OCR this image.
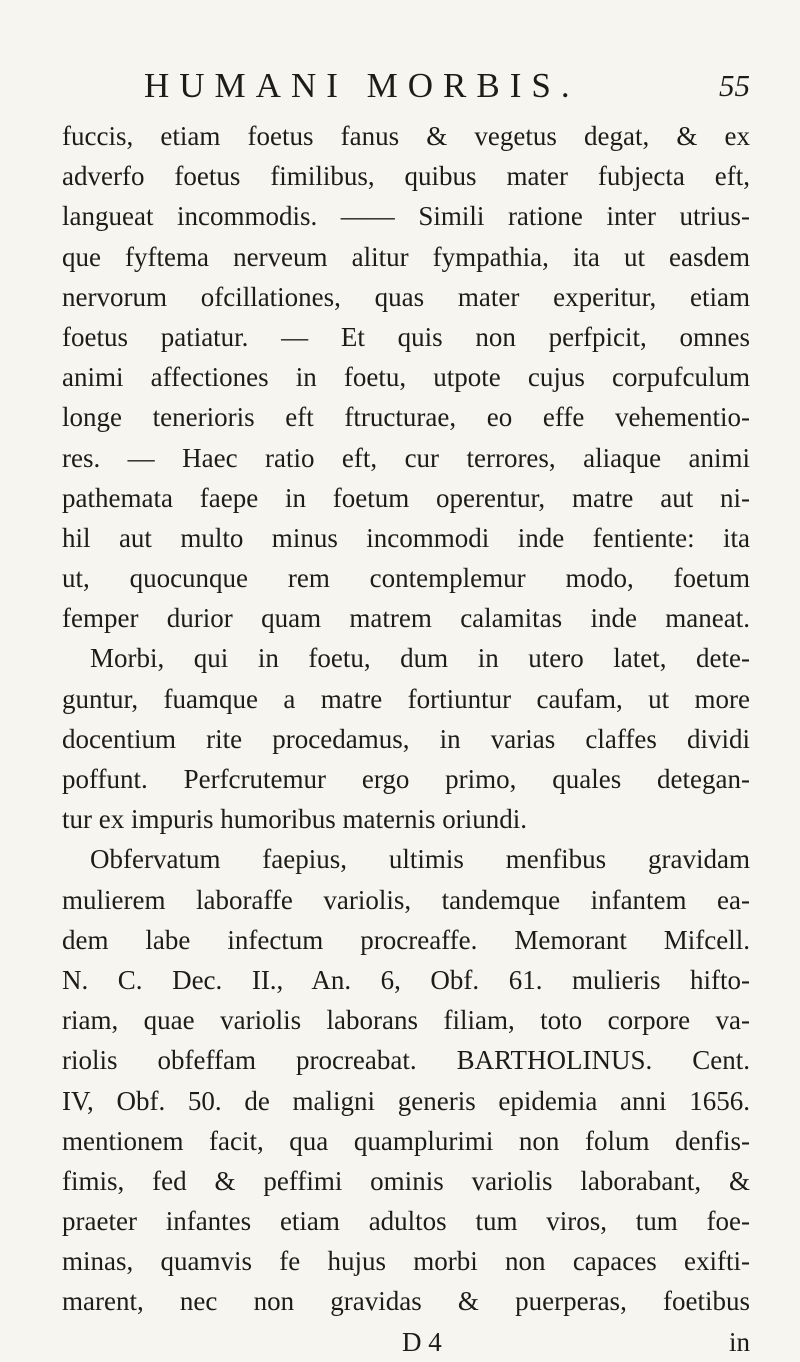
HUMANI MORBIS.	55
fuccis, etiam foetus fanus & vegetus degat, & ex
adverfo foetus fimilibus, quibus mater fubjecta eft,
langueat incommodis. —— Simili ratione inter utrius-
que fyftema nerveum alitur fympathia, ita ut easdem
nervorum ofcillationes, quas mater experitur, etiam
foetus patiatur. — Et quis non perfpicit, omnes
animi affectiones in foetu, utpote cujus corpufculum
longe tenerioris eft ftructurae, eo effe vehementio-
res. — Haec ratio eft, cur terrores, aliaque animi
pathemata faepe in foetum operentur, matre aut ni-
hil aut multo minus incommodi inde fentiente: ita
ut, quocunque rem contemplemur modo, foetum
femper durior quam matrem calamitas inde maneat.
Morbi, qui in foetu, dum in utero latet, dete-
guntur, fuamque a matre fortiuntur caufam, ut more
docentium rite procedamus, in varias claffes dividi
poffunt. Perfcrutemur ergo primo, quales detegan-
tur ex impuris humoribus maternis oriundi.
Obfervatum faepius, ultimis menfibus gravidam
mulierem laboraffe variolis, tandemque infantem ea-
dem labe infectum procreaffe. Memorant Mifcell.
N. C. Dec. II., An. 6, Obf. 61. mulieris hifto-
riam, quae variolis laborans filiam, toto corpore va-
riolis obfeffam procreabat. BARTHOLINUS. Cent.
IV, Obf. 50. de maligni generis epidemia anni 1656.
mentionem facit, qua quamplurimi non folum denfis-
fimis, fed & peffimi ominis variolis laborabant, &
praeter infantes etiam adultos tum viros, tum foe-
minas, quamvis fe hujus morbi non capaces exifti-
marent, nec non gravidas & puerperas, foetibus
D 4	in
